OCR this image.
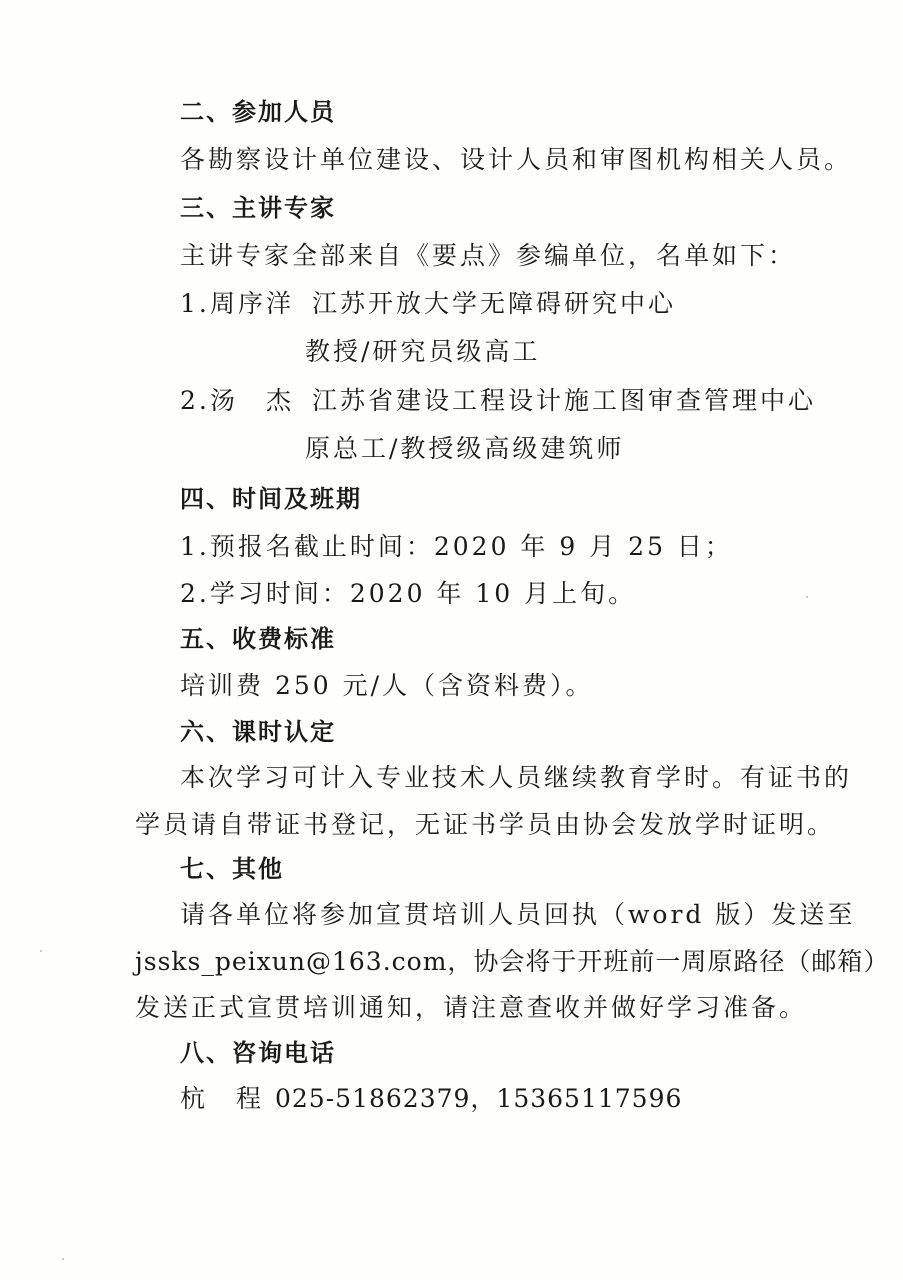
二、参加人员
各勘察设计单位建设、设计人员和审图机构相关人员。
三、主讲专家
主讲专家全部来自《要点》参编单位，名单如下：
1. 周序洋 江苏开放大学无障碍研究中心
教授/研究员级高工
2. 汤　杰 江苏省建设工程设计施工图审查管理中心
原总工/教授级高级建筑师
四、时间及班期
1.预报名截止时间：2020 年 9 月 25 日；
2.学习时间：2020 年 10 月上旬。
五、收费标准
培训费 250 元/人（含资料费）。
六、课时认定
本次学习可计入专业技术人员继续教育学时。有证书的
学员请自带证书登记，无证书学员由协会发放学时证明。
七、其他
请各单位将参加宣贯培训人员回执（word 版）发送至
jssks_peixun@163.com，协会将于开班前一周原路径（邮箱）
发送正式宣贯培训通知，请注意查收并做好学习准备。
八、咨询电话
杭　程 025-51862379，15365117596
